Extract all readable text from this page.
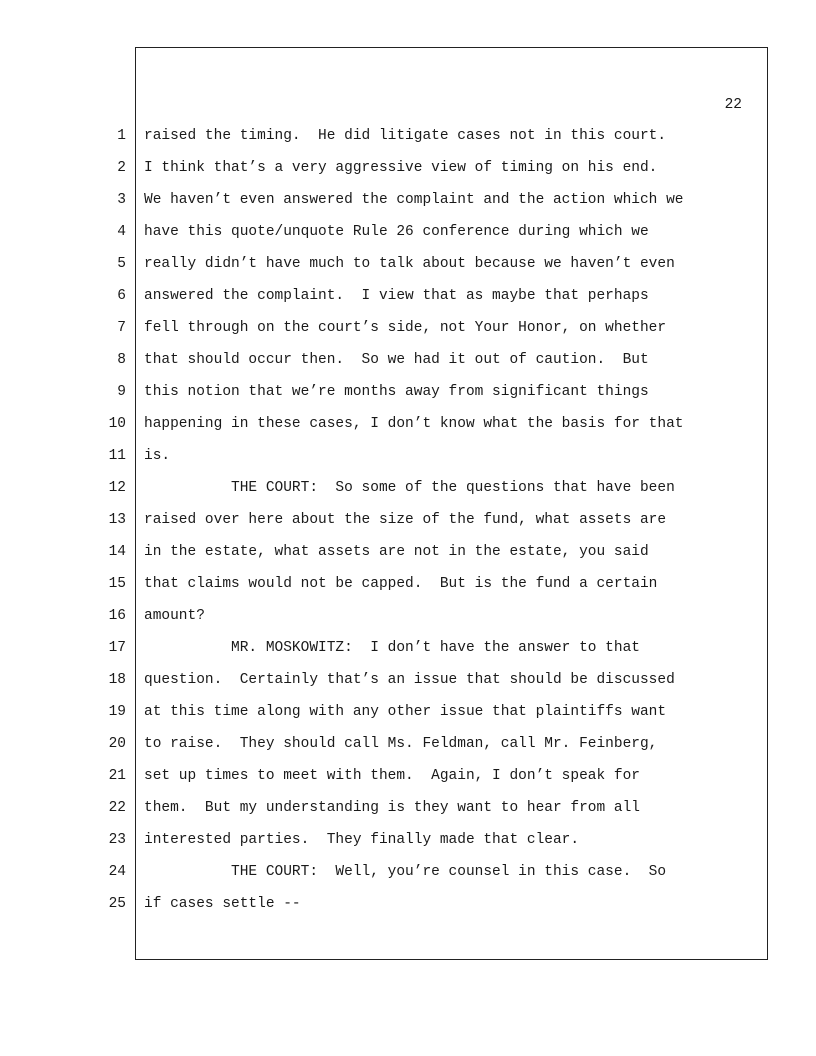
22
1
2
3
4
5
6
7
8
9
10
11
12
13
14
15
16
17
18
19
20
21
22
23
24
25
raised the timing.  He did litigate cases not in this court.
I think that’s a very aggressive view of timing on his end.
We haven’t even answered the complaint and the action which we
have this quote/unquote Rule 26 conference during which we
really didn’t have much to talk about because we haven’t even
answered the complaint.  I view that as maybe that perhaps
fell through on the court’s side, not Your Honor, on whether
that should occur then.  So we had it out of caution.  But
this notion that we’re months away from significant things
happening in these cases, I don’t know what the basis for that
is.
THE COURT:  So some of the questions that have been
raised over here about the size of the fund, what assets are
in the estate, what assets are not in the estate, you said
that claims would not be capped.  But is the fund a certain
amount?
MR. MOSKOWITZ:  I don’t have the answer to that
question.  Certainly that’s an issue that should be discussed
at this time along with any other issue that plaintiffs want
to raise.  They should call Ms. Feldman, call Mr. Feinberg,
set up times to meet with them.  Again, I don’t speak for
them.  But my understanding is they want to hear from all
interested parties.  They finally made that clear.
THE COURT:  Well, you’re counsel in this case.  So
if cases settle --
